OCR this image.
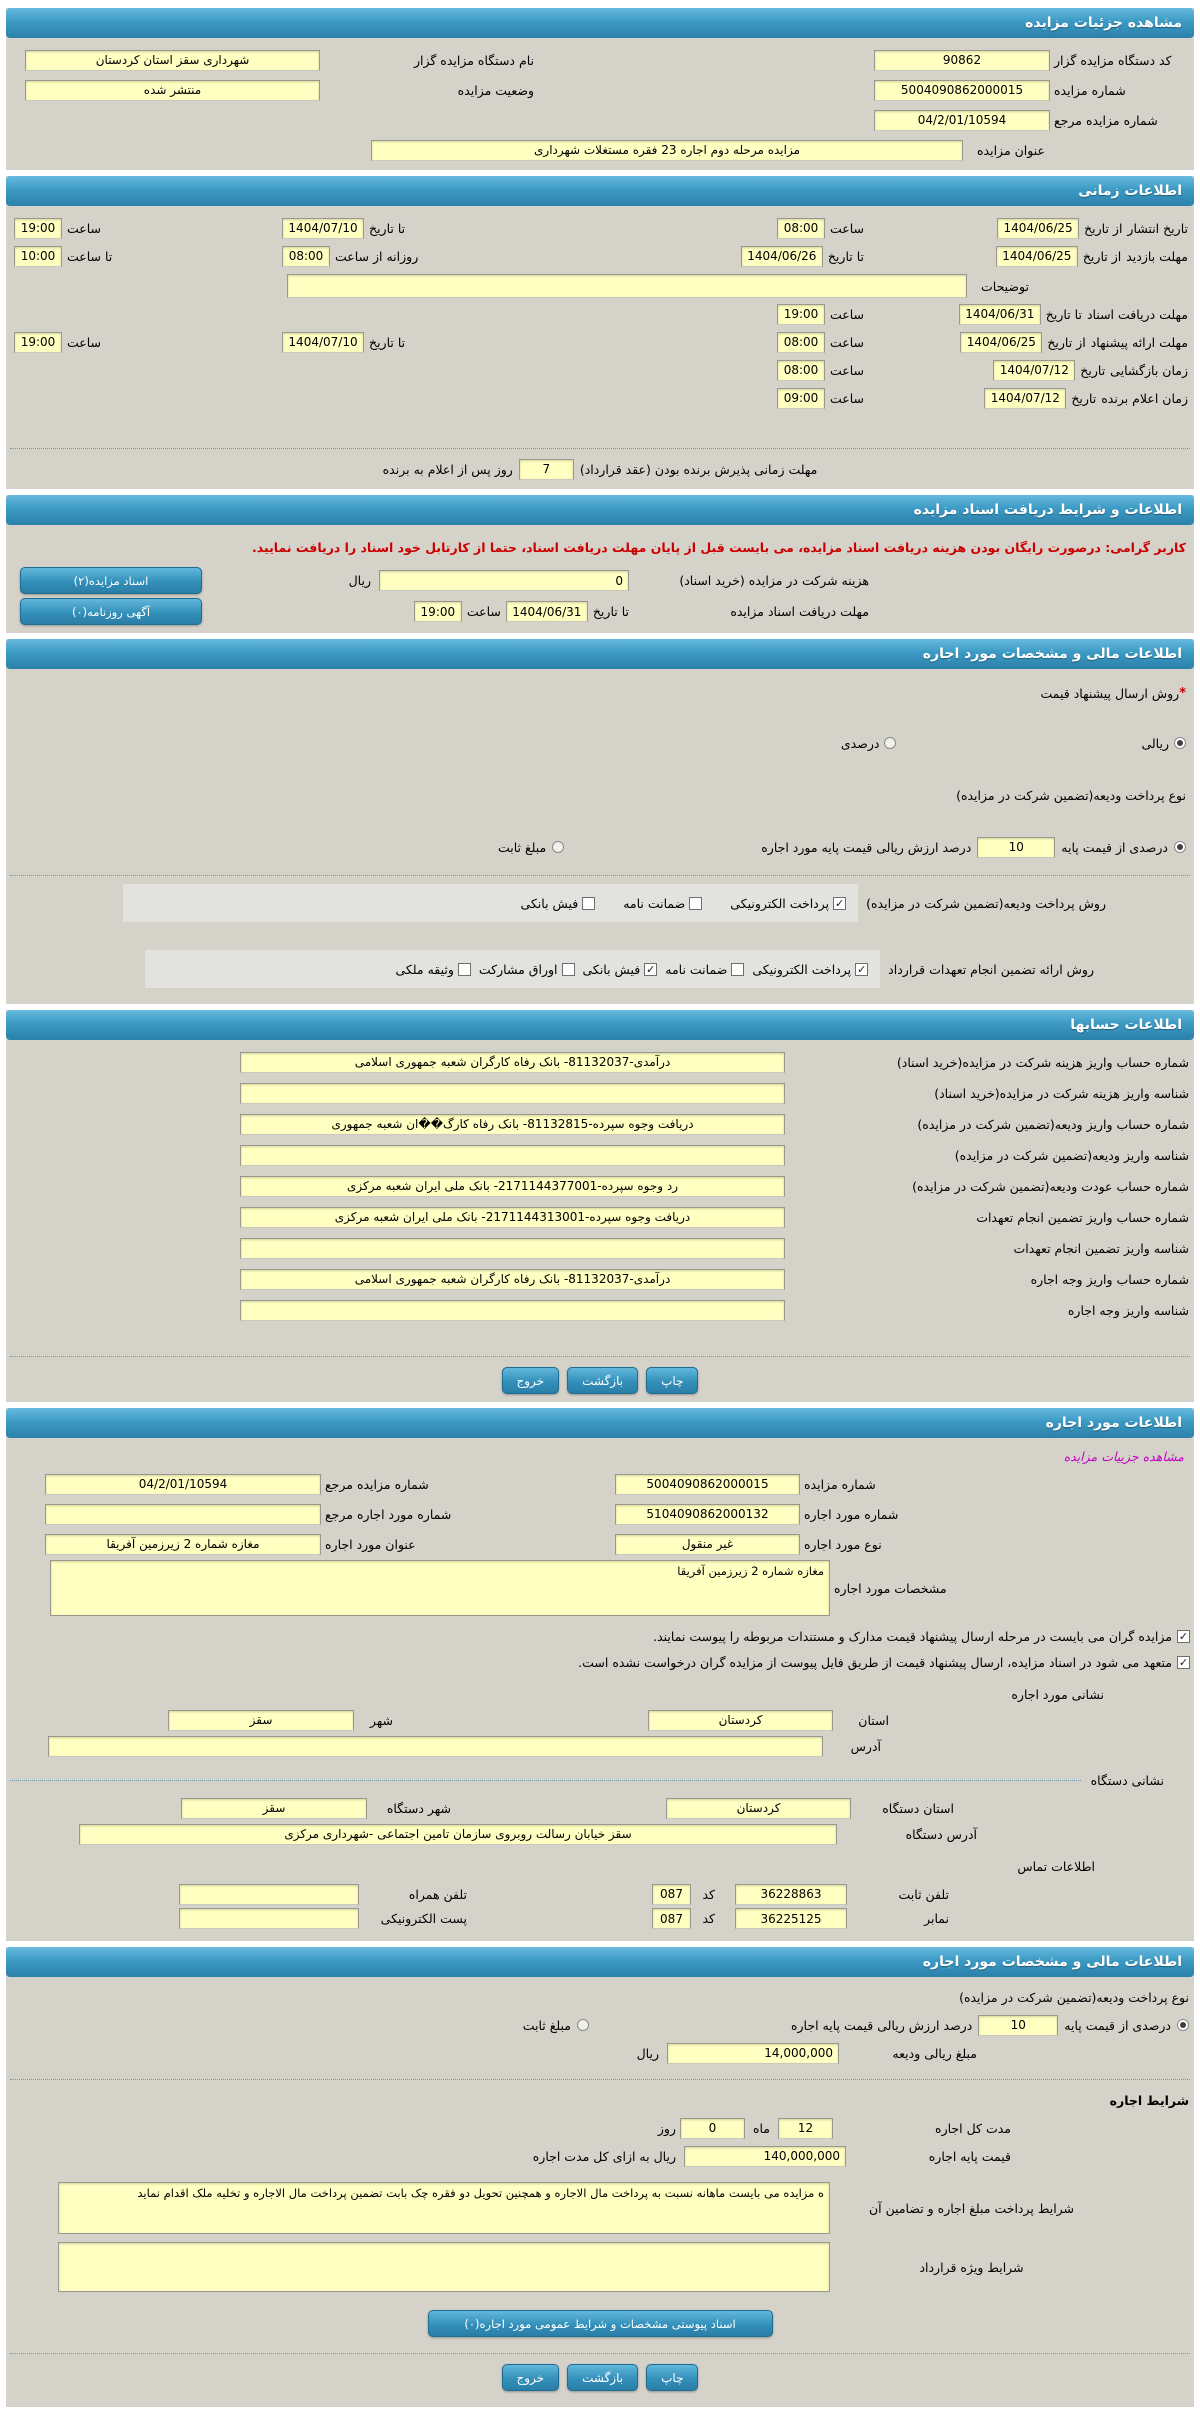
مشاهده جزئیات مزایده
کد دستگاه مزایده گزار
90862
نام دستگاه مزایده گزار
شهرداری سقز استان کردستان
شماره مزایده
5004090862000015
وضعیت مزایده
منتشر شده
شماره مزایده مرجع
04/2/01/10594
عنوان مزایده
مزایده مرحله دوم اجاره 23 فقره مستغلات شهرداری
اطلاعات زمانی
تاریخ انتشار
از تاریخ
1404/06/25
ساعت
08:00
تا تاریخ
1404/07/10
ساعت
19:00
مهلت بازدید
از تاریخ
1404/06/25
تا تاریخ
1404/06/26
روزانه از ساعت
08:00
تا ساعت
10:00
توضیحات
مهلت دریافت اسناد
تا تاریخ
1404/06/31
ساعت
19:00
مهلت ارائه پیشنهاد
از تاریخ
1404/06/25
ساعت
08:00
تا تاریخ
1404/07/10
ساعت
19:00
زمان بازگشایی
تاریخ
1404/07/12
ساعت
08:00
زمان اعلام برنده
تاریخ
1404/07/12
ساعت
09:00
مهلت زمانی پذیرش برنده بودن (عقد قرارداد)
7
روز پس از اعلام به برنده
اطلاعات و شرایط دریافت اسناد مزایده
کاربر گرامی: درصورت رایگان بودن هزینه دریافت اسناد مزایده، می بایست قبل از پایان مهلت دریافت اسناد، حتما از کارتابل خود اسناد را دریافت نمایید.
هزینه شرکت در مزایده (خرید اسناد)
0
ریال
اسناد مزایده(۲)
مهلت دریافت اسناد مزایده
تا تاریخ
1404/06/31
ساعت
19:00
آگهی روزنامه(۰)
اطلاعات مالی و مشخصات مورد اجاره
*
روش ارسال پیشنهاد قیمت
ریالی
درصدی
نوع پرداخت ودیعه(تضمین شرکت در مزایده)
درصدی از قیمت پایه
10
درصد ارزش ریالی قیمت پایه مورد اجاره
مبلغ ثابت
روش پرداخت ودیعه(تضمین شرکت در مزایده)
✓
پرداخت الکترونیکی
ضمانت نامه
فیش بانکی
روش ارائه تضمین انجام تعهدات قرارداد
✓
پرداخت الکترونیکی
ضمانت نامه
✓
فیش بانکی
اوراق مشارکت
وثیقه ملکی
اطلاعات حسابها
شماره حساب واریز هزینه شرکت در مزایده(خرید اسناد)
درآمدی-81132037- بانک رفاه کارگران شعبه جمهوری اسلامی
شناسه واریز هزینه شرکت در مزایده(خرید اسناد)
شماره حساب واریز ودیعه(تضمین شرکت در مزایده)
دریافت وجوه سپرده-81132815- بانک رفاه کارگ��ان شعبه جمهوری
شناسه واریز ودیعه(تضمین شرکت در مزایده)
شماره حساب عودت ودیعه(تضمین شرکت در مزایده)
رد وجوه سپرده-2171144377001- بانک ملی ایران شعبه مرکزی
شماره حساب واریز تضمین انجام تعهدات
دریافت وجوه سپرده-2171144313001- بانک ملی ایران شعبه مرکزی
شناسه واریز تضمین انجام تعهدات
شماره حساب واریز وجه اجاره
درآمدی-81132037- بانک رفاه کارگران شعبه جمهوری اسلامی
شناسه واریز وجه اجاره
چاپ
بازگشت
خروج
اطلاعات مورد اجاره
مشاهده جزییات مزایده
شماره مزایده
5004090862000015
شماره مزایده مرجع
04/2/01/10594
شماره مورد اجاره
5104090862000132
شماره مورد اجاره مرجع
نوع مورد اجاره
غیر منقول
عنوان مورد اجاره
مغازه شماره 2 زیرزمین آفریقا
مشخصات مورد اجاره
مغازه شماره 2 زیرزمین آفریقا
✓
مزایده گران می بایست در مرحله ارسال پیشنهاد قیمت مدارک و مستندات مربوطه را پیوست نمایند.
✓
متعهد می شود در اسناد مزایده، ارسال پیشنهاد قیمت از طریق فایل پیوست از مزایده گران درخواست نشده است.
نشانی مورد اجاره
استان
کردستان
شهر
سقز
آدرس
نشانی دستگاه
استان دستگاه
کردستان
شهر دستگاه
سقز
آدرس دستگاه
سقز خیابان رسالت روبروی سازمان تامین اجتماعی -شهرداری مرکزی
اطلاعات تماس
تلفن ثابت
36228863
کد
087
تلفن همراه
نمابر
36225125
کد
087
پست الکترونیکی
اطلاعات مالی و مشخصات مورد اجاره
نوع پرداخت ودیعه(تضمین شرکت در مزایده)
درصدی از قیمت پایه
10
درصد ارزش ریالی قیمت پایه اجاره
مبلغ ثابت
مبلغ ریالی ودیعه
14,000,000
ریال
شرایط اجاره
مدت کل اجاره
12
ماه
0
روز
قیمت پایه اجاره
140,000,000
ریال به ازای کل مدت اجاره
شرایط پرداخت مبلغ اجاره و تضامین آن
ه مزایده می بایست ماهانه نسبت به پرداخت مال الاجاره و همچنین تحویل دو فقره چک بابت تضمین پرداخت مال الاجاره و تخلیه ملک اقدام نماید
شرایط ویژه قرارداد
اسناد پیوستی مشخصات و شرایط عمومی مورد اجاره(۰)
چاپ
بازگشت
خروج
